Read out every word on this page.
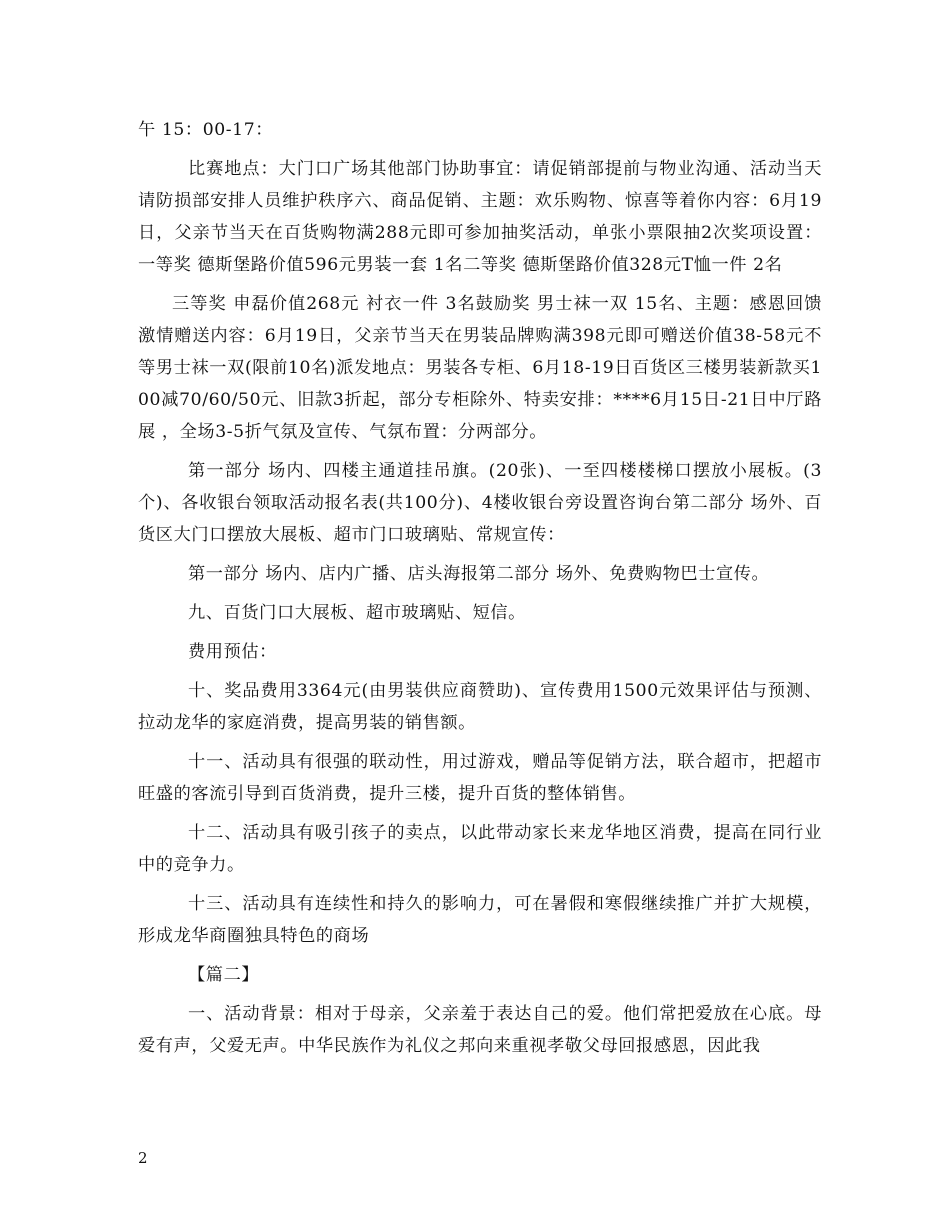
午 15：00-17：

比赛地点：大门口广场其他部门协助事宜：请促销部提前与物业沟通、活动当天请防损部安排人员维护秩序六、商品促销、主题：欢乐购物、惊喜等着你内容：6月19日，父亲节当天在百货购物满288元即可参加抽奖活动，单张小票限抽2次奖项设置：一等奖 德斯堡路价值596元男装一套 1名二等奖 德斯堡路价值328元T恤一件 2名

三等奖 申磊价值268元 衬衣一件 3名鼓励奖 男士袜一双 15名、主题：感恩回馈 激情赠送内容：6月19日，父亲节当天在男装品牌购满398元即可赠送价值38-58元不等男士袜一双(限前10名)派发地点：男装各专柜、6月18-19日百货区三楼男装新款买100减70/60/50元、旧款3折起，部分专柜除外、特卖安排：****6月15日-21日中厅路展 ，全场3-5折气氛及宣传、气氛布置：分两部分。

第一部分 场内、四楼主通道挂吊旗。(20张)、一至四楼楼梯口摆放小展板。(3个)、各收银台领取活动报名表(共100分)、4楼收银台旁设置咨询台第二部分 场外、百货区大门口摆放大展板、超市门口玻璃贴、常规宣传：

第一部分 场内、店内广播、店头海报第二部分 场外、免费购物巴士宣传。

九、百货门口大展板、超市玻璃贴、短信。

费用预估：

十、奖品费用3364元(由男装供应商赞助)、宣传费用1500元效果评估与预测、拉动龙华的家庭消费，提高男装的销售额。

十一、活动具有很强的联动性，用过游戏，赠品等促销方法，联合超市，把超市旺盛的客流引导到百货消费，提升三楼，提升百货的整体销售。

十二、活动具有吸引孩子的卖点，以此带动家长来龙华地区消费，提高在同行业中的竞争力。

十三、活动具有连续性和持久的影响力，可在暑假和寒假继续推广并扩大规模，形成龙华商圈独具特色的商场

【篇二】

一、活动背景：相对于母亲，父亲羞于表达自己的爱。他们常把爱放在心底。母爱有声，父爱无声。中华民族作为礼仪之邦向来重视孝敬父母回报感恩，因此我

2
